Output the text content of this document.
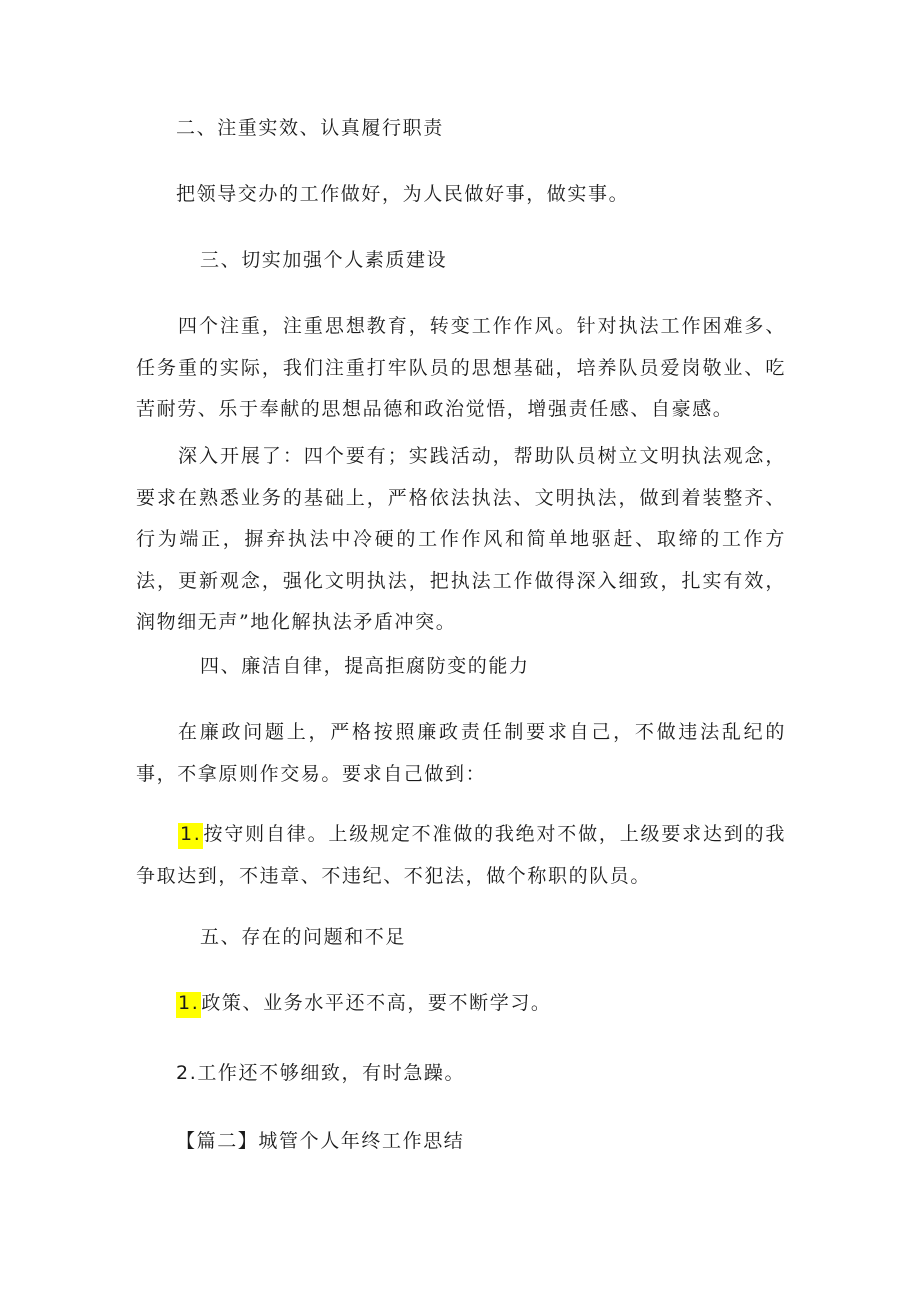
二、注重实效、认真履行职责
把领导交办的工作做好，为人民做好事，做实事。
三、切实加强个人素质建设
四个注重，注重思想教育，转变工作作风。针对执法工作困难多、任务重的实际，我们注重打牢队员的思想基础，培养队员爱岗敬业、吃苦耐劳、乐于奉献的思想品德和政治觉悟，增强责任感、自豪感。
深入开展了：四个要有；实践活动，帮助队员树立文明执法观念，要求在熟悉业务的基础上，严格依法执法、文明执法，做到着装整齐、行为端正，摒弃执法中冷硬的工作作风和简单地驱赶、取缔的工作方法，更新观念，强化文明执法，把执法工作做得深入细致，扎实有效，润物细无声”地化解执法矛盾冲突。
四、廉洁自律，提高拒腐防变的能力
在廉政问题上，严格按照廉政责任制要求自己，不做违法乱纪的事，不拿原则作交易。要求自己做到：
1. 按守则自律。上级规定不准做的我绝对不做，上级要求达到的我争取达到，不违章、不违纪、不犯法，做个称职的队员。
五、存在的问题和不足
1. 政策、业务水平还不高，要不断学习。
2.工作还不够细致，有时急躁。
【篇二】城管个人年终工作思结
